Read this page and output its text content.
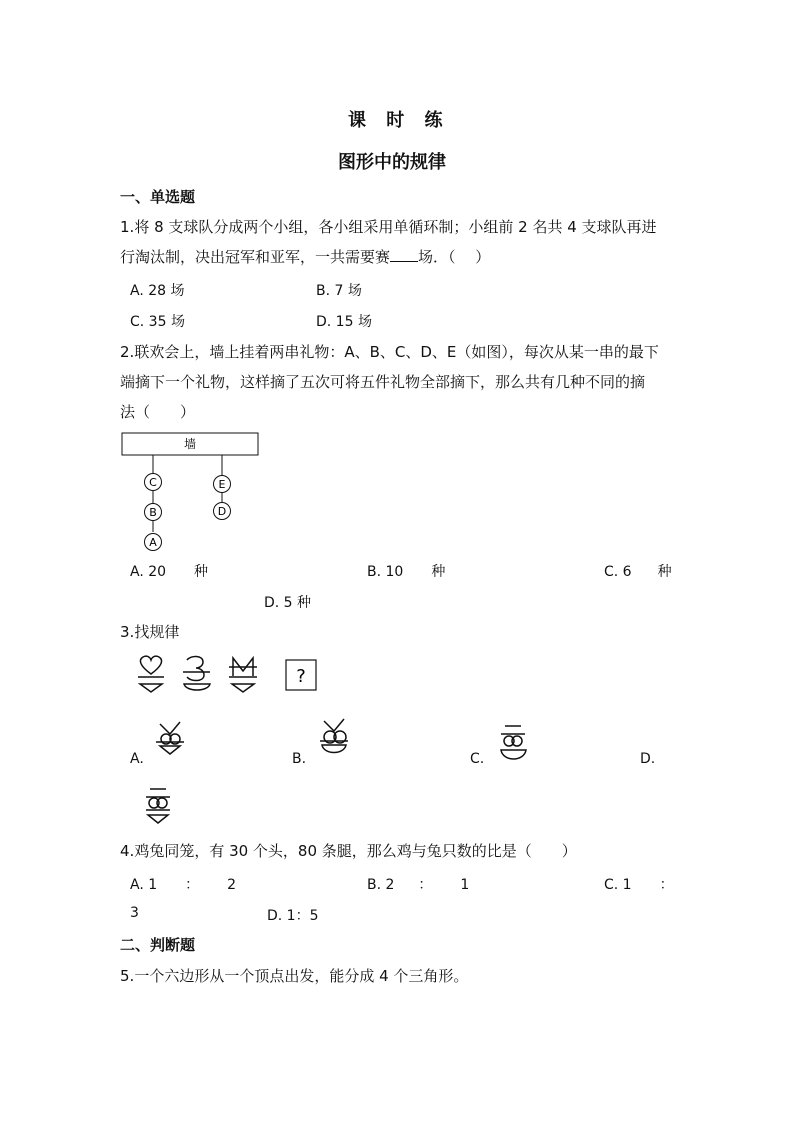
课 时 练
图形中的规律
一、单选题
1.将 8 支球队分成两个小组，各小组采用单循环制；小组前 2 名共 4 支球队再进
行淘汰制，决出冠军和亚军，一共需要赛 场．（　 ）
A. 28 场	B. 7 场
C. 35 场	D. 15 场
2.联欢会上，墙上挂着两串礼物：A、B、C、D、E（如图），每次从某一串的最下
端摘下一个礼物，这样摘了五次可将五件礼物全部摘下，那么共有几种不同的摘
法（　　）
墙
C
B
A
E
D
A. 20 种	B. 10 种	C. 6 种
D. 5 种
3.找规律
?
A.	B.	C.	D.
4.鸡兔同笼，有 30 个头，80 条腿，那么鸡与兔只数的比是（　　）
A. 1 ： 2	B. 2 ： 1	C. 1 ：
3	D. 1：5
二、判断题
5.一个六边形从一个顶点出发，能分成 4 个三角形。
